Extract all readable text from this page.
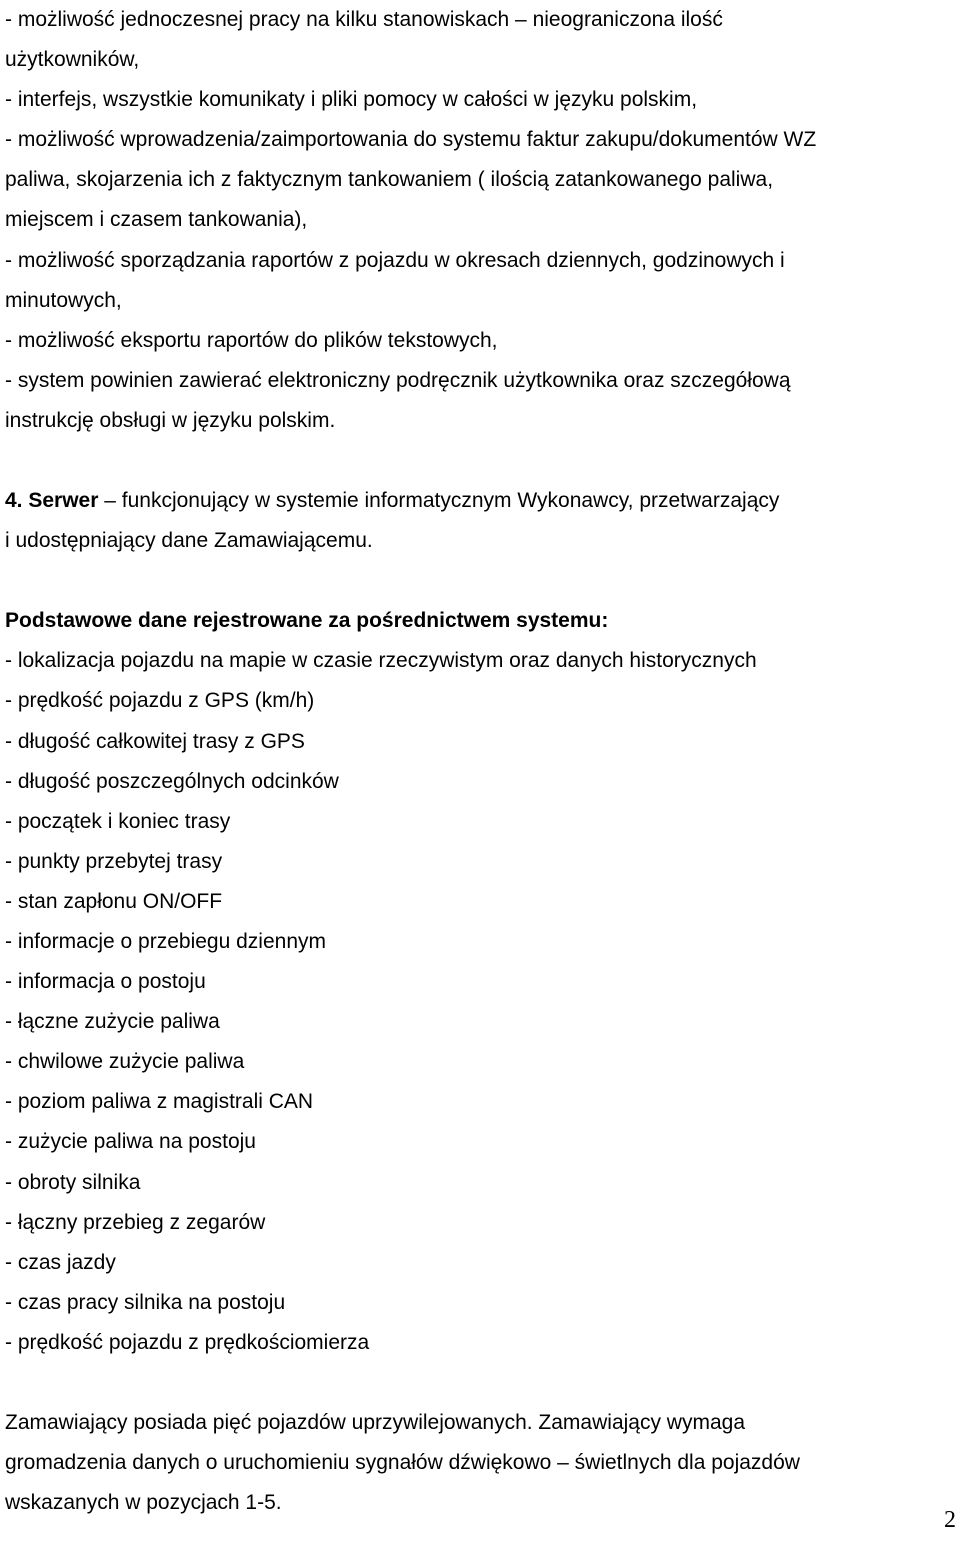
- możliwość jednoczesnej pracy na kilku stanowiskach – nieograniczona ilość
użytkowników,
- interfejs, wszystkie komunikaty i pliki pomocy w całości w języku polskim,
- możliwość wprowadzenia/zaimportowania do systemu faktur zakupu/dokumentów WZ
paliwa, skojarzenia ich z faktycznym tankowaniem ( ilością zatankowanego paliwa,
miejscem i czasem tankowania),
- możliwość sporządzania raportów z pojazdu w okresach dziennych, godzinowych i
minutowych,
- możliwość eksportu raportów do plików tekstowych,
- system powinien zawierać elektroniczny podręcznik użytkownika oraz szczegółową
instrukcję obsługi w języku polskim.
4. Serwer – funkcjonujący w systemie informatycznym Wykonawcy, przetwarzający
i udostępniający dane Zamawiającemu.
Podstawowe dane rejestrowane za pośrednictwem systemu:
- lokalizacja pojazdu na mapie w czasie rzeczywistym oraz danych historycznych
- prędkość pojazdu z GPS (km/h)
- długość całkowitej trasy z GPS
- długość poszczególnych odcinków
- początek i koniec trasy
- punkty przebytej trasy
- stan zapłonu ON/OFF
- informacje o przebiegu dziennym
- informacja o postoju
- łączne zużycie paliwa
- chwilowe zużycie paliwa
- poziom paliwa z magistrali CAN
- zużycie paliwa na postoju
- obroty silnika
- łączny przebieg z zegarów
- czas jazdy
- czas pracy silnika na postoju
- prędkość pojazdu z prędkościomierza
Zamawiający posiada pięć pojazdów uprzywilejowanych. Zamawiający wymaga
gromadzenia danych o uruchomieniu sygnałów dźwiękowo – świetlnych dla pojazdów
wskazanych w pozycjach 1-5.
2
